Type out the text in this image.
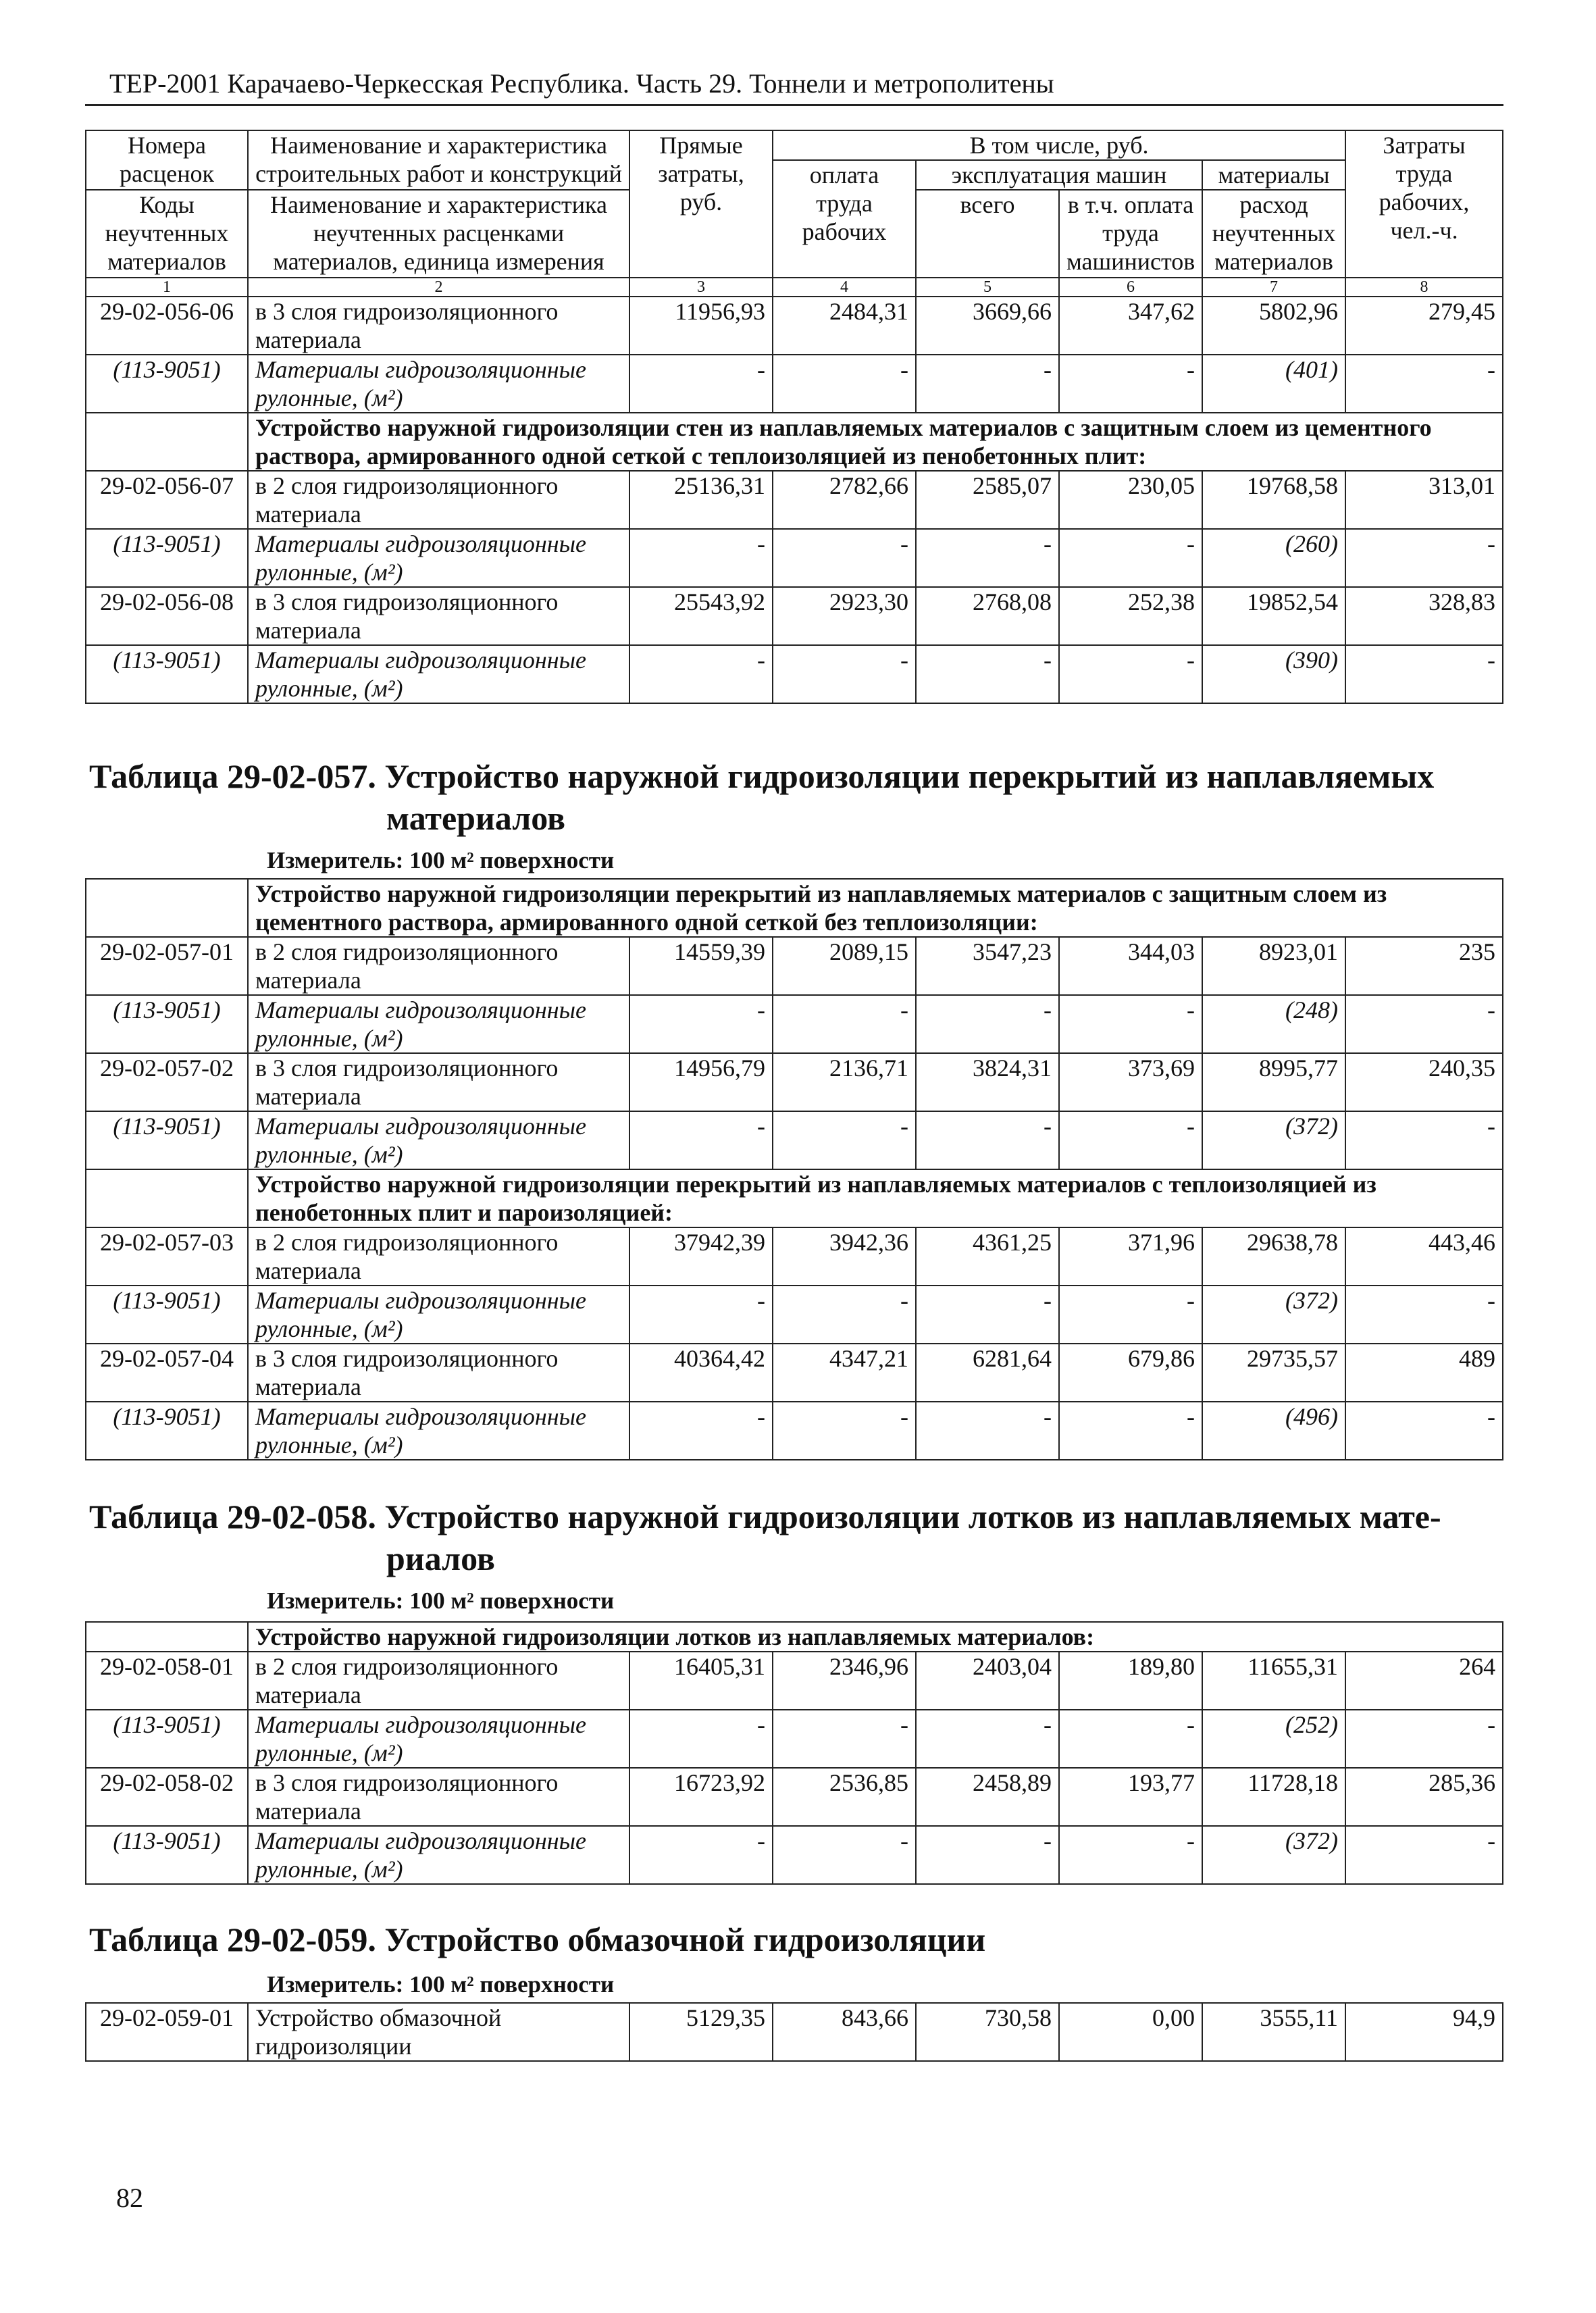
ТЕР-2001 Карачаево-Черкесская Республика. Часть 29. Тоннели и метрополитены
Номера расценок	Наименование и характеристика строительных работ и конструкций	Прямые затраты, руб.	В том числе, руб.				Затраты труда рабочих, чел.-ч.
			оплата труда рабочих	эксплуатация машин		материалы	
Коды неучтенных материалов	Наименование и характеристика неучтенных расценками материалов, единица измерения			всего	в т.ч. оплата труда машинистов	расход неучтенных материалов	

1	2	3	4	5	6	7	8
29-02-056-06	в 3 слоя гидроизоляционного материала	11956,93	2484,31	3669,66	347,62	5802,96	279,45
(113-9051)	Материалы гидроизоляционные рулонные, (м²)	-	-	-	-	(401)	-
	Устройство наружной гидроизоляции стен из наплавляемых материалов с защитным слоем из цементного раствора, армированного одной сеткой с теплоизоляцией из пенобетонных плит:						
29-02-056-07	в 2 слоя гидроизоляционного материала	25136,31	2782,66	2585,07	230,05	19768,58	313,01
(113-9051)	Материалы гидроизоляционные рулонные, (м²)	-	-	-	-	(260)	-
29-02-056-08	в 3 слоя гидроизоляционного материала	25543,92	2923,30	2768,08	252,38	19852,54	328,83
(113-9051)	Материалы гидроизоляционные рулонные, (м²)	-	-	-	-	(390)	-
Таблица 29-02-057. Устройство наружной гидроизоляции перекрытий из наплавляемых
материалов
Измеритель: 100 м² поверхности
	Устройство наружной гидроизоляции перекрытий из наплавляемых материалов с защитным слоем из цементного раствора, армированного одной сеткой без теплоизоляции:						
29-02-057-01	в 2 слоя гидроизоляционного материала	14559,39	2089,15	3547,23	344,03	8923,01	235
(113-9051)	Материалы гидроизоляционные рулонные, (м²)	-	-	-	-	(248)	-
29-02-057-02	в 3 слоя гидроизоляционного материала	14956,79	2136,71	3824,31	373,69	8995,77	240,35
(113-9051)	Материалы гидроизоляционные рулонные, (м²)	-	-	-	-	(372)	-
	Устройство наружной гидроизоляции перекрытий из наплавляемых материалов с теплоизоляцией из пенобетонных плит и пароизоляцией:						
29-02-057-03	в 2 слоя гидроизоляционного материала	37942,39	3942,36	4361,25	371,96	29638,78	443,46
(113-9051)	Материалы гидроизоляционные рулонные, (м²)	-	-	-	-	(372)	-
29-02-057-04	в 3 слоя гидроизоляционного материала	40364,42	4347,21	6281,64	679,86	29735,57	489
(113-9051)	Материалы гидроизоляционные рулонные, (м²)	-	-	-	-	(496)	-
Таблица 29-02-058. Устройство наружной гидроизоляции лотков из наплавляемых мате-
риалов
Измеритель: 100 м² поверхности
	Устройство наружной гидроизоляции лотков из наплавляемых материалов:						
29-02-058-01	в 2 слоя гидроизоляционного материала	16405,31	2346,96	2403,04	189,80	11655,31	264
(113-9051)	Материалы гидроизоляционные рулонные, (м²)	-	-	-	-	(252)	-
29-02-058-02	в 3 слоя гидроизоляционного материала	16723,92	2536,85	2458,89	193,77	11728,18	285,36
(113-9051)	Материалы гидроизоляционные рулонные, (м²)	-	-	-	-	(372)	-
Таблица 29-02-059. Устройство обмазочной гидроизоляции
Измеритель: 100 м² поверхности
29-02-059-01	Устройство обмазочной гидроизоляции	5129,35	843,66	730,58	0,00	3555,11	94,9
82
